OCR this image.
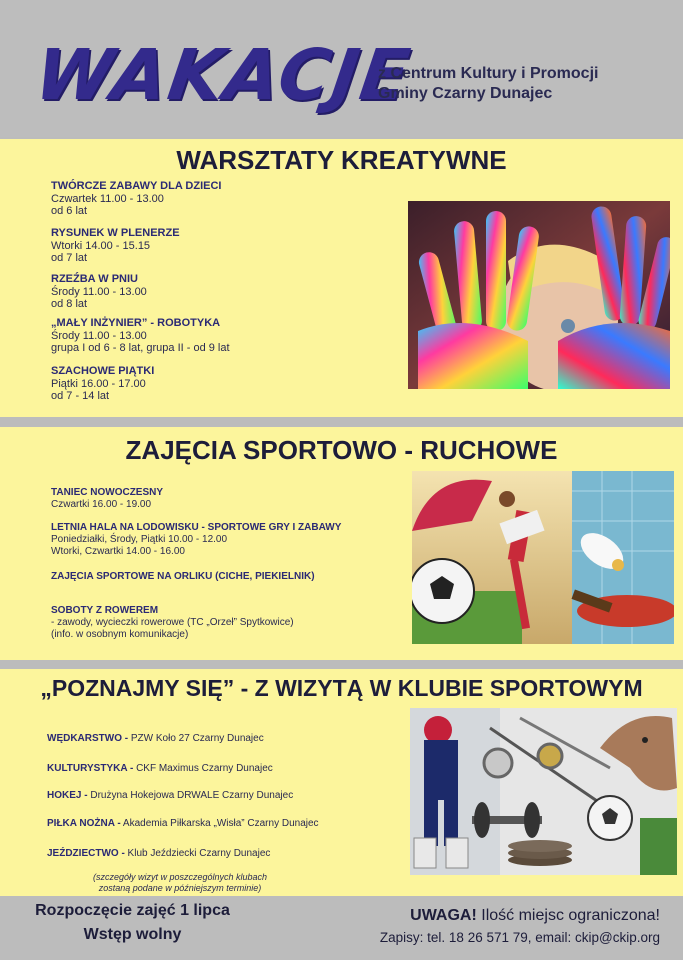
WAKACJE
z Centrum Kultury i Promocji
Gminy Czarny Dunajec
WARSZTATY KREATYWNE
TWÓRCZE ZABAWY DLA DZIECI
Czwartek 11.00 - 13.00
od 6 lat
RYSUNEK W PLENERZE
Wtorki 14.00 - 15.15
od 7 lat
RZEŹBA W PNIU
Środy 11.00 - 13.00
od 8 lat
„MAŁY INŻYNIER” - ROBOTYKA
Środy 11.00 - 13.00
grupa I od 6 - 8 lat, grupa II - od 9 lat
SZACHOWE PIĄTKI
Piątki 16.00 - 17.00
od 7 - 14 lat
ZAJĘCIA SPORTOWO - RUCHOWE
TANIEC NOWOCZESNY
Czwartki 16.00 - 19.00
LETNIA HALA NA LODOWISKU - SPORTOWE GRY I ZABAWY
Poniedziałki, Środy, Piątki 10.00 - 12.00
Wtorki, Czwartki 14.00 - 16.00
ZAJĘCIA SPORTOWE NA ORLIKU (CICHE, PIEKIELNIK)
SOBOTY Z ROWEREM
- zawody, wycieczki rowerowe (TC „Orzeł” Spytkowice)
(info. w osobnym komunikacje)
„POZNAJMY SIĘ” - Z WIZYTĄ W KLUBIE SPORTOWYM
WĘDKARSTWO - PZW Koło 27 Czarny Dunajec
KULTURYSTYKA - CKF Maximus Czarny Dunajec
HOKEJ - Drużyna Hokejowa DRWALE Czarny Dunajec
PIŁKA NOŻNA - Akademia Piłkarska „Wisła” Czarny Dunajec
JEŹDZIECTWO - Klub Jeździecki Czarny Dunajec
(szczegóły wizyt w poszczególnych klubach
zostaną podane w późniejszym terminie)
Rozpoczęcie zajęć 1 lipca
Wstęp wolny
UWAGA! Ilość miejsc ograniczona!
Zapisy: tel. 18 26 571 79, email: ckip@ckip.org
